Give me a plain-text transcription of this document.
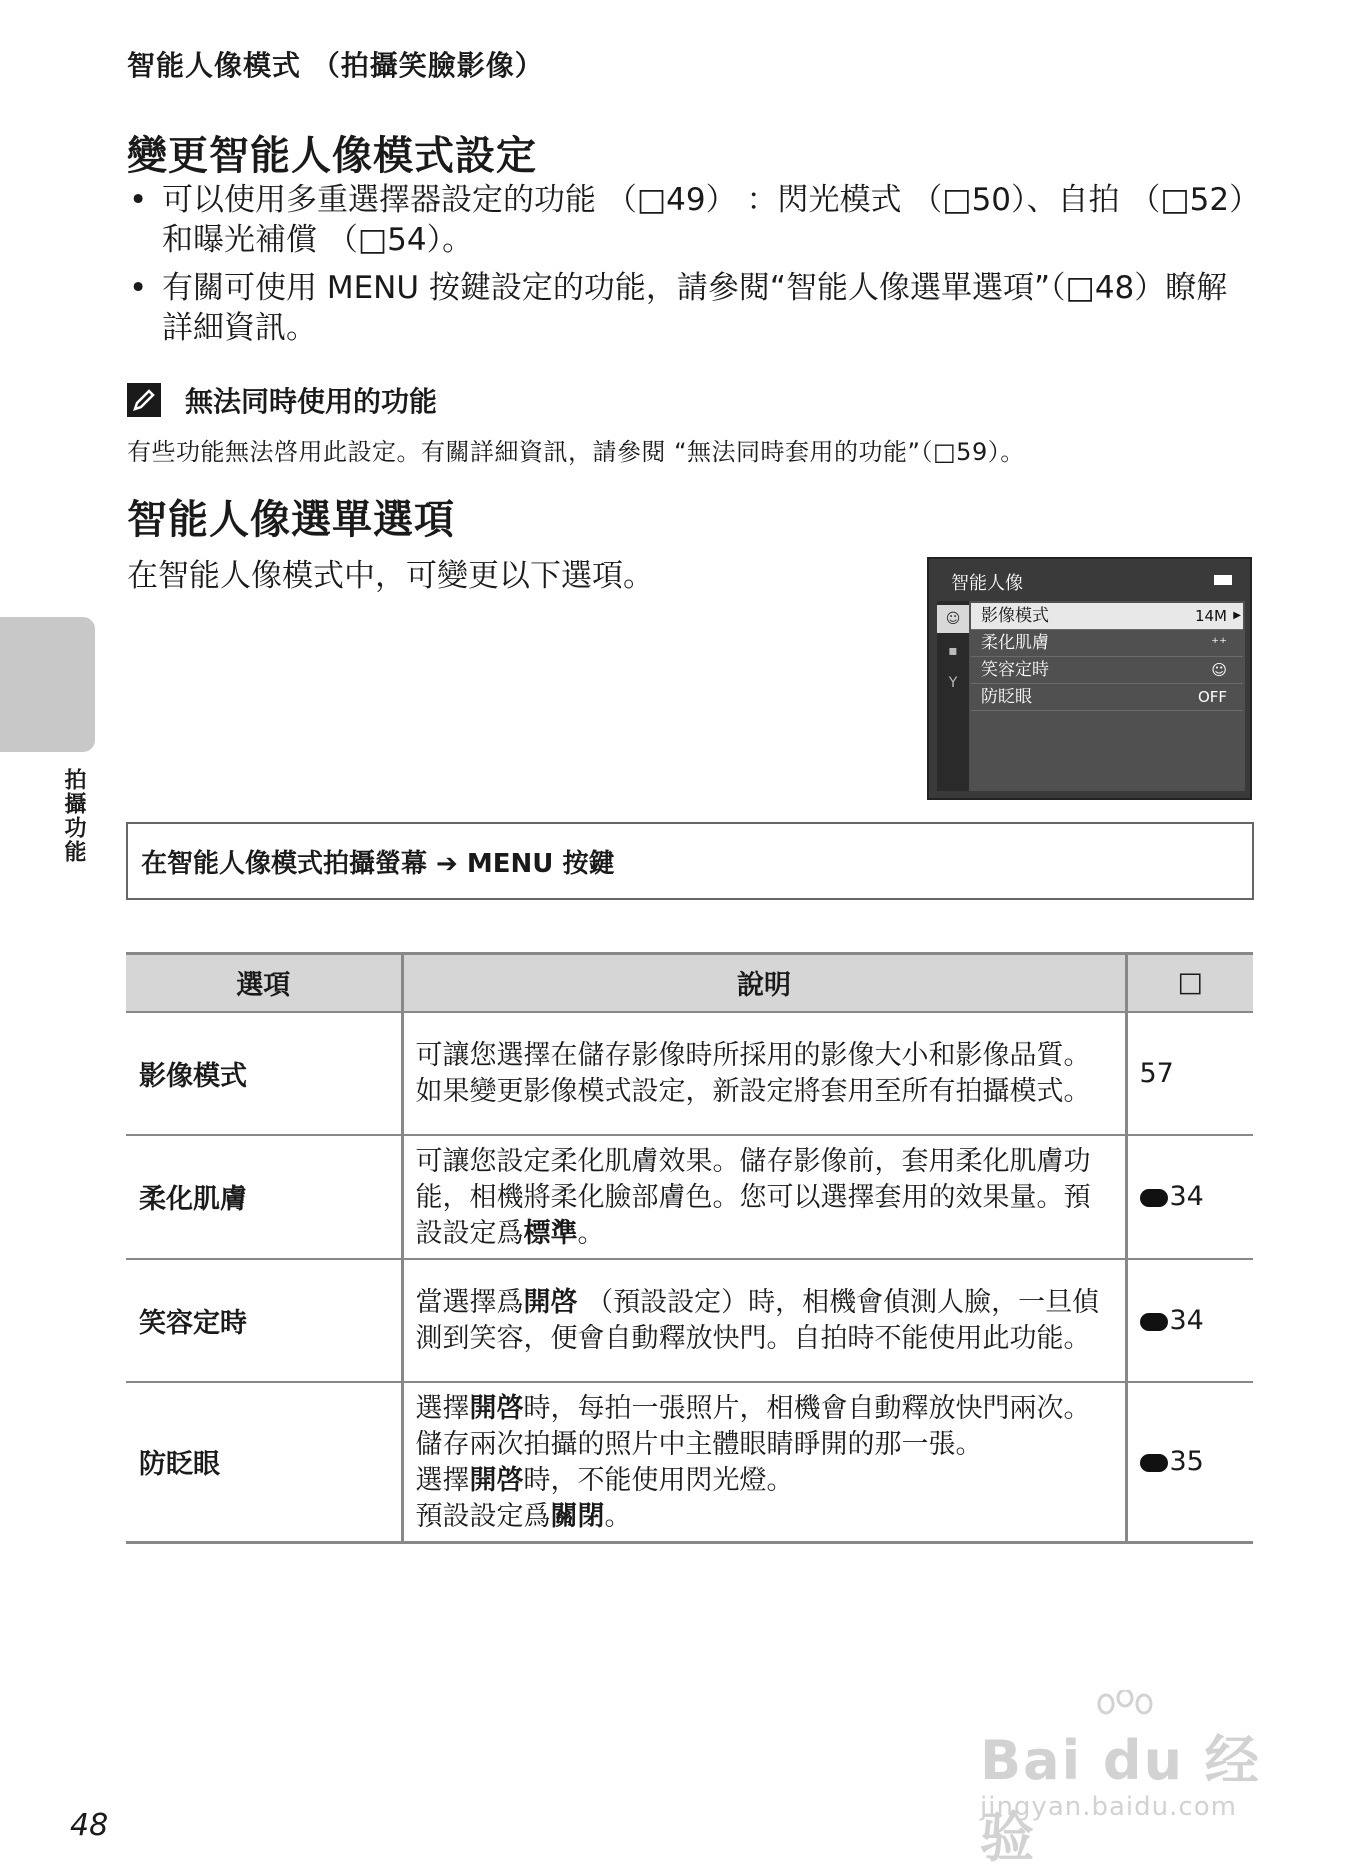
智能人像模式 （拍攝笑臉影像）
變更智能人像模式設定
• 可以使用多重選擇器設定的功能 （□49） ：閃光模式 （□50）、自拍 （□52）和曝光補償 （□54）。
• 有關可使用 MENU 按鍵設定的功能，請參閱“智能人像選單選項”（□48）瞭解詳細資訊。
無法同時使用的功能
有些功能無法啓用此設定。有關詳細資訊，請參閱 “無法同時套用的功能”（□59）。
智能人像選單選項
在智能人像模式中，可變更以下選項。	智能人像
☺
▪
Y
影像模式	14M ▶
柔化肌膚	⁺⁺
笑容定時	☺
防眨眼	OFF
拍攝功能	在智能人像模式拍攝螢幕 ➔ MENU 按鍵
選項	說明	□
影像模式	可讓您選擇在儲存影像時所採用的影像大小和影像品質。如果變更影像模式設定，新設定將套用至所有拍攝模式。	57
柔化肌膚	可讓您設定柔化肌膚效果。儲存影像前，套用柔化肌膚功能，相機將柔化臉部膚色。您可以選擇套用的效果量。預設設定爲標準。	34
笑容定時	當選擇爲開啓 （預設設定）時，相機會偵測人臉，一旦偵測到笑容，便會自動釋放快門。自拍時不能使用此功能。	34
防眨眼	選擇開啓時，每拍一張照片，相機會自動釋放快門兩次。儲存兩次拍攝的照片中主體眼睛睜開的那一張。
選擇開啓時，不能使用閃光燈。
預設設定爲關閉。	35
48
Bai du 经验
jingyan.baidu.com
